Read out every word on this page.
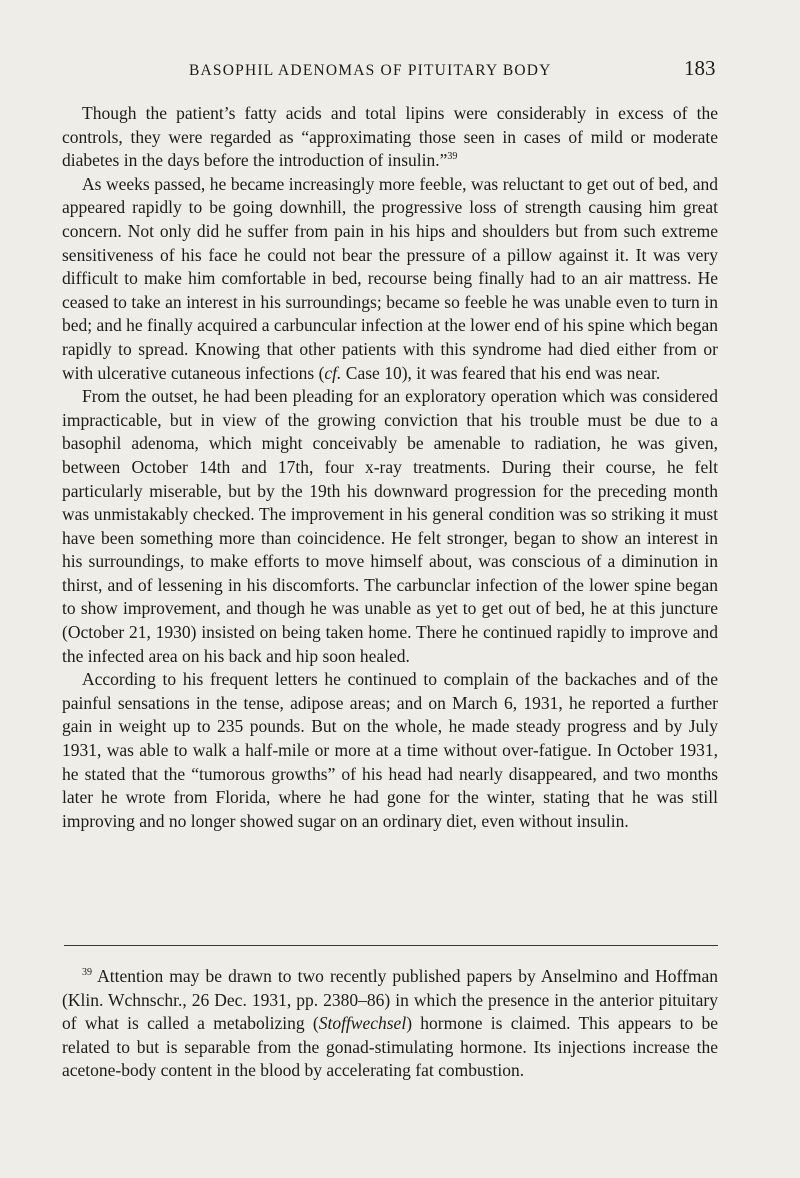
BASOPHIL ADENOMAS OF PITUITARY BODY	183

Though the patient’s fatty acids and total lipins were considerably in excess of the controls, they were regarded as “approximating those seen in cases of mild or moderate diabetes in the days before the introduction of insulin.”$^{39}$

As weeks passed, he became increasingly more feeble, was reluctant to get out of bed, and appeared rapidly to be going downhill, the progressive loss of strength causing him great concern. Not only did he suffer from pain in his hips and shoulders but from such extreme sensitiveness of his face he could not bear the pressure of a pillow against it. It was very difficult to make him comfortable in bed, recourse being finally had to an air mattress. He ceased to take an interest in his surroundings; became so feeble he was unable even to turn in bed; and he finally acquired a carbuncular infection at the lower end of his spine which began rapidly to spread. Knowing that other patients with this syndrome had died either from or with ulcerative cutaneous infections (cf. Case 10), it was feared that his end was near.

From the outset, he had been pleading for an exploratory operation which was considered impracticable, but in view of the growing conviction that his trouble must be due to a basophil adenoma, which might conceivably be amenable to radiation, he was given, between October 14th and 17th, four x-ray treatments. During their course, he felt particularly miserable, but by the 19th his downward progression for the preceding month was unmistakably checked. The improvement in his general condition was so striking it must have been something more than coincidence. He felt stronger, began to show an interest in his surroundings, to make efforts to move himself about, was conscious of a diminution in thirst, and of lessening in his discomforts. The carbunclar infection of the lower spine began to show improvement, and though he was unable as yet to get out of bed, he at this juncture (October 21, 1930) insisted on being taken home. There he continued rapidly to improve and the infected area on his back and hip soon healed.

According to his frequent letters he continued to complain of the backaches and of the painful sensations in the tense, adipose areas; and on March 6, 1931, he reported a further gain in weight up to 235 pounds. But on the whole, he made steady progress and by July 1931, was able to walk a half-mile or more at a time without over-fatigue. In October 1931, he stated that the “tumorous growths” of his head had nearly disappeared, and two months later he wrote from Florida, where he had gone for the winter, stating that he was still improving and no longer showed sugar on an ordinary diet, even without insulin.

$^{39}$ Attention may be drawn to two recently published papers by Anselmino and Hoffman (Klin. Wchnschr., 26 Dec. 1931, pp. 2380–86) in which the presence in the anterior pituitary of what is called a metabolizing (Stoffwechsel) hormone is claimed. This appears to be related to but is separable from the gonad-stimulating hormone. Its injections increase the acetone-body content in the blood by accelerating fat combustion.
